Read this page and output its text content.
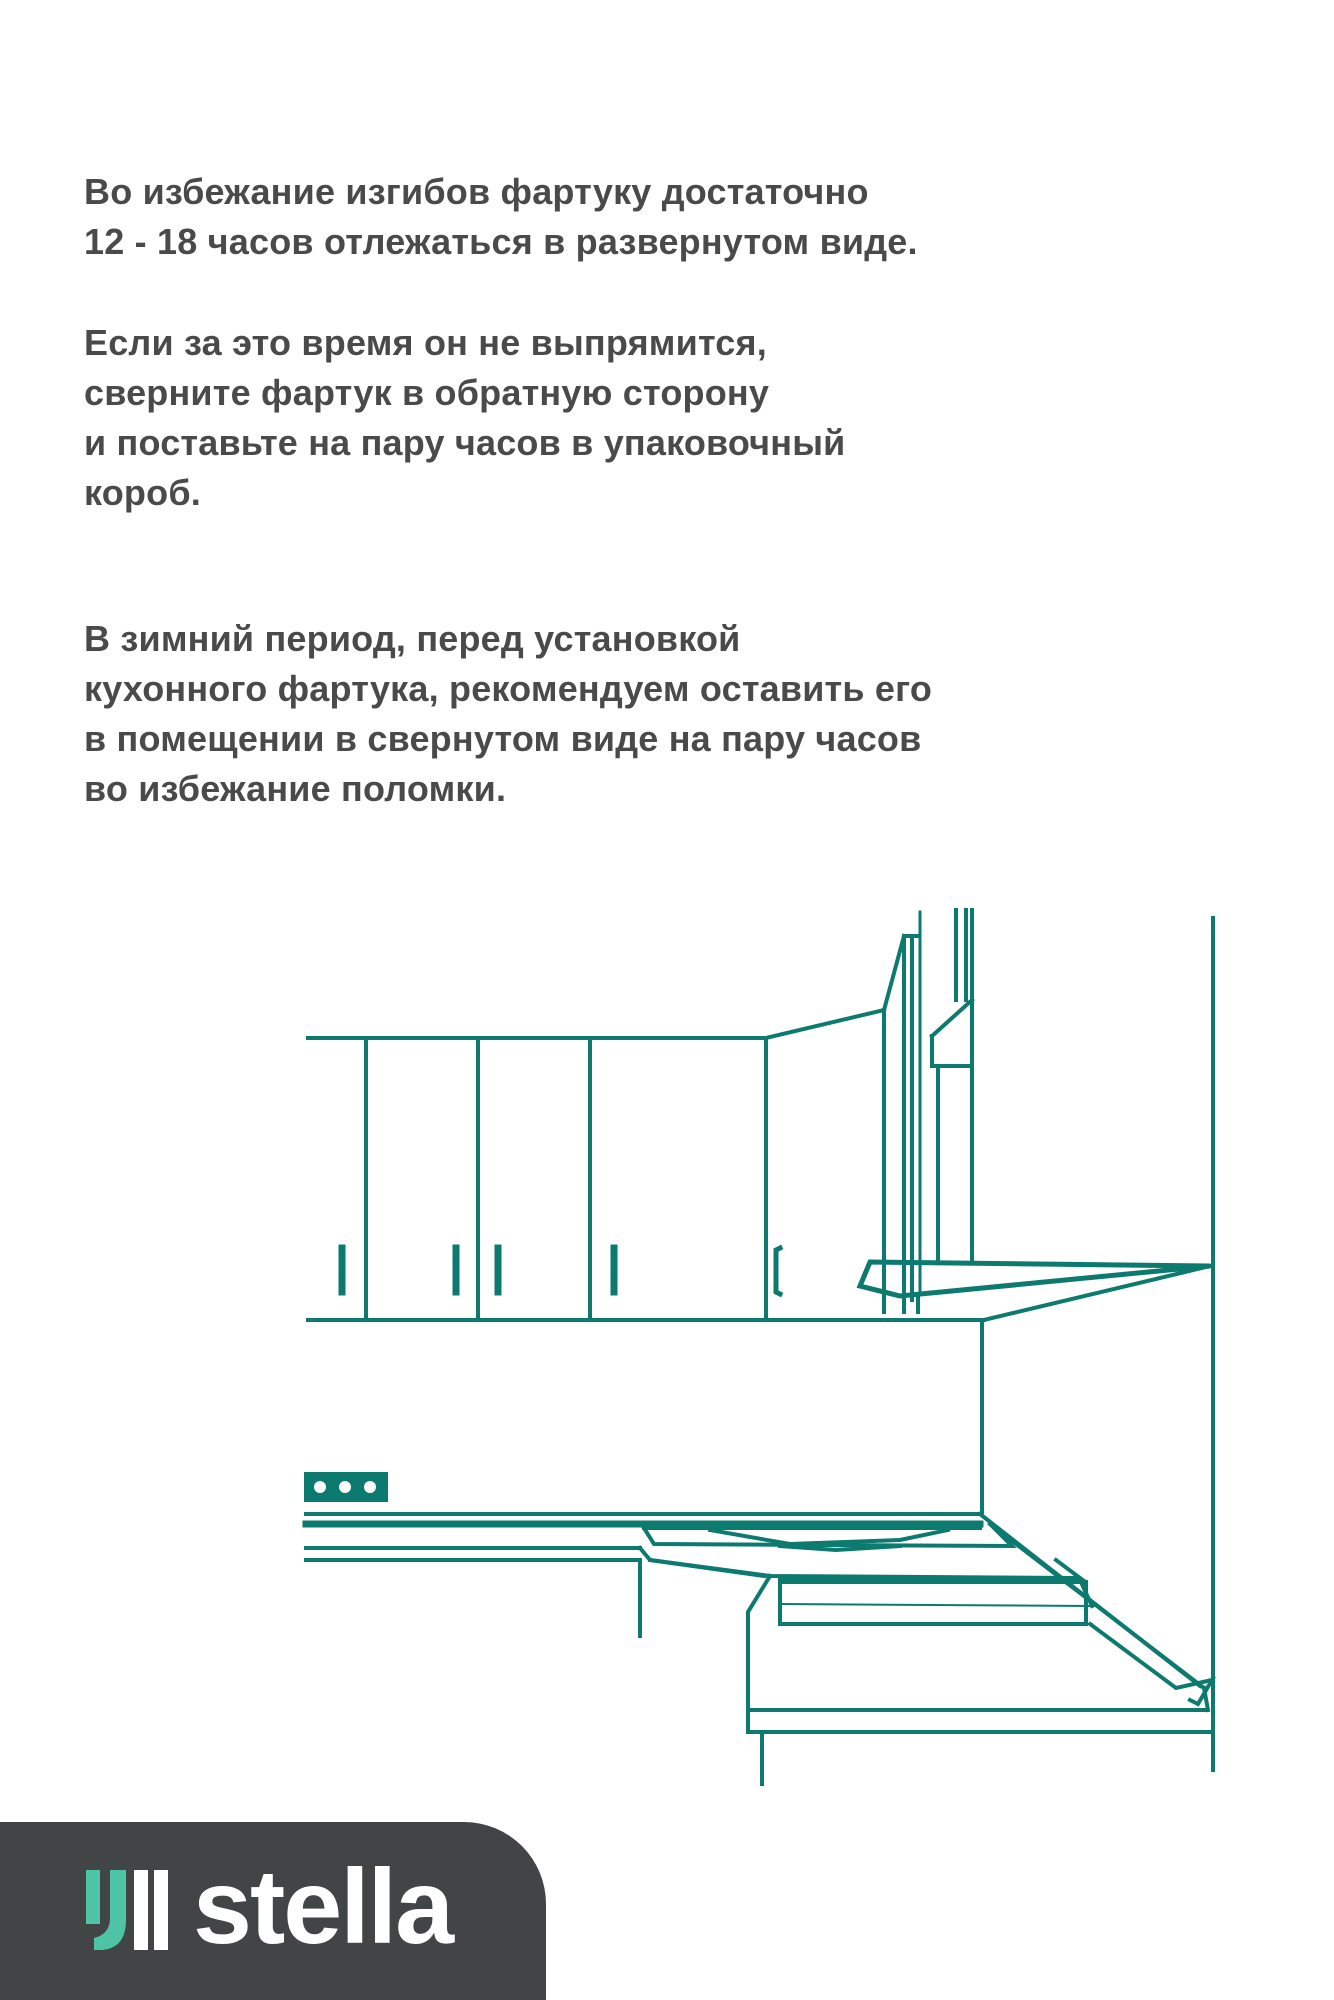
Во избежание изгибов фартуку достаточно
12 - 18 часов отлежаться в развернутом виде.
Если за это время он не выпрямится,
сверните фартук в обратную сторону
и поставьте на пару часов в упаковочный
короб.
В зимний период, перед установкой
кухонного фартука, рекомендуем оставить его
в помещении в свернутом виде на пару часов
во избежание поломки.
stella
